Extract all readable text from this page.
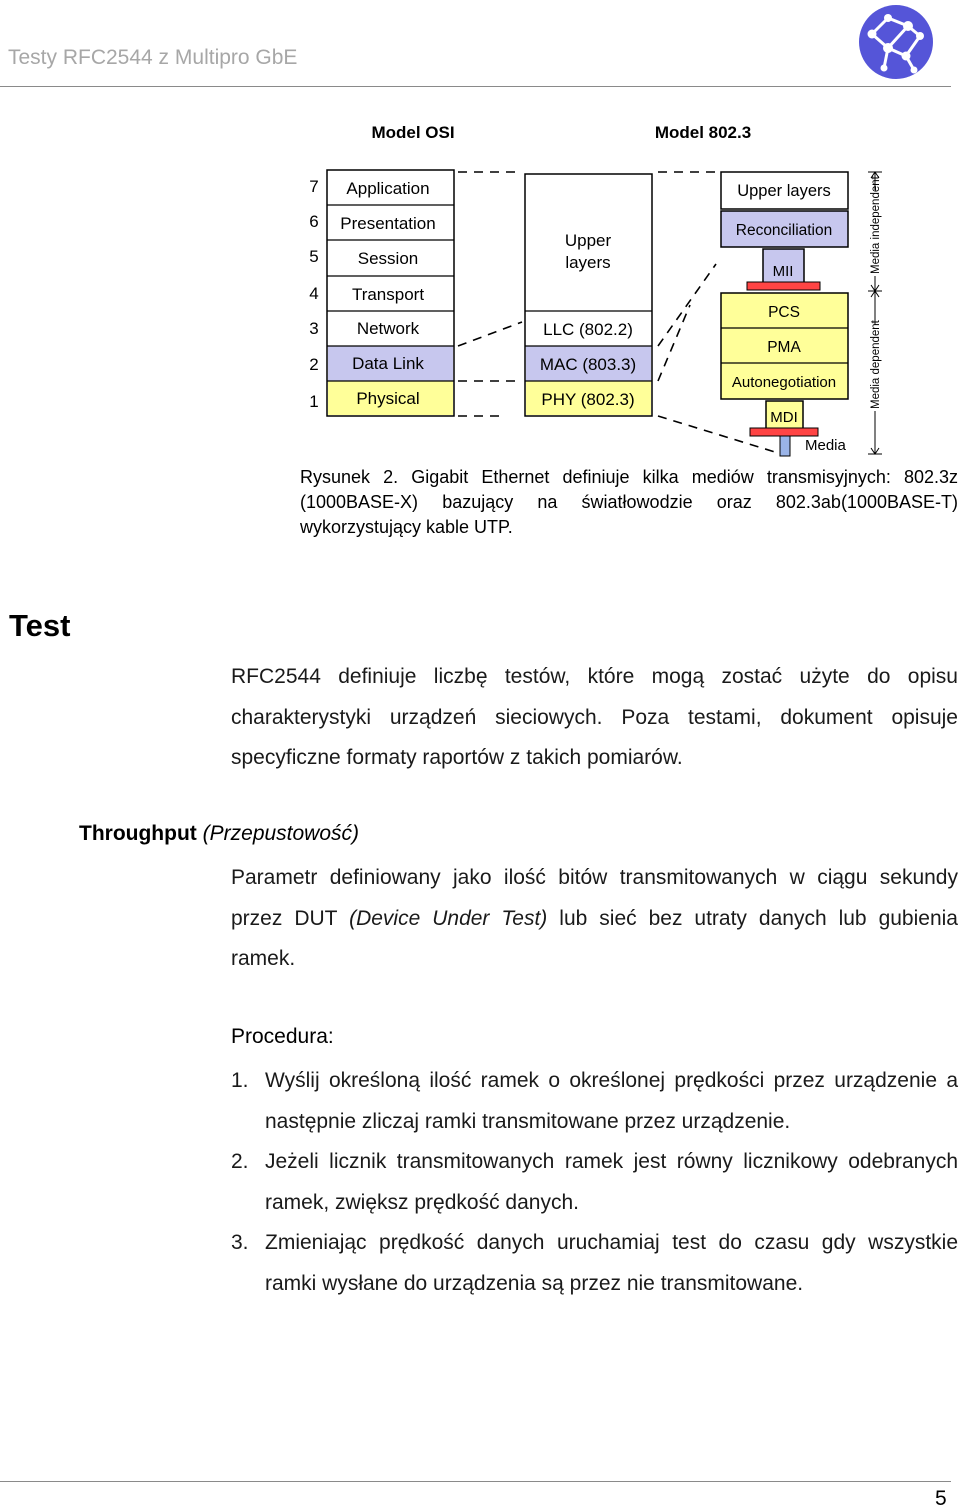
Testy RFC2544 z Multipro GbE
Model OSI	Model 802.3
7 Application
6 Presentation
5 Session
4 Transport
3 Network
2 Data Link
1 Physical
Upper
layers
LLC (802.2)
MAC (803.3)
PHY (802.3)
Upper layers
Reconciliation
MII
PCS
PMA
Autonegotiation
MDI
Media
Media independent
Media dependent
Rysunek 2. Gigabit Ethernet definiuje kilka mediów transmisyjnych: 802.3z (1000BASE-X) bazujący na światłowodzie oraz 802.3ab(1000BASE-T) wykorzystujący kable UTP.
Test
RFC2544 definiuje liczbę testów, które mogą zostać użyte do opisu charakterystyki urządzeń sieciowych. Poza testami, dokument opisuje specyficzne formaty raportów z takich pomiarów.
Throughput (Przepustowość)
Parametr definiowany jako ilość bitów transmitowanych w ciągu sekundy przez DUT (Device Under Test) lub sieć bez utraty danych lub gubienia ramek.
Procedura:
1. Wyślij określoną ilość ramek o określonej prędkości przez urządzenie a następnie zliczaj ramki transmitowane przez urządzenie.
2. Jeżeli licznik transmitowanych ramek jest równy licznikowy odebranych ramek, zwiększ prędkość danych.
3. Zmieniając prędkość danych uruchamiaj test do czasu gdy wszystkie ramki wysłane do urządzenia są przez nie transmitowane.
5
